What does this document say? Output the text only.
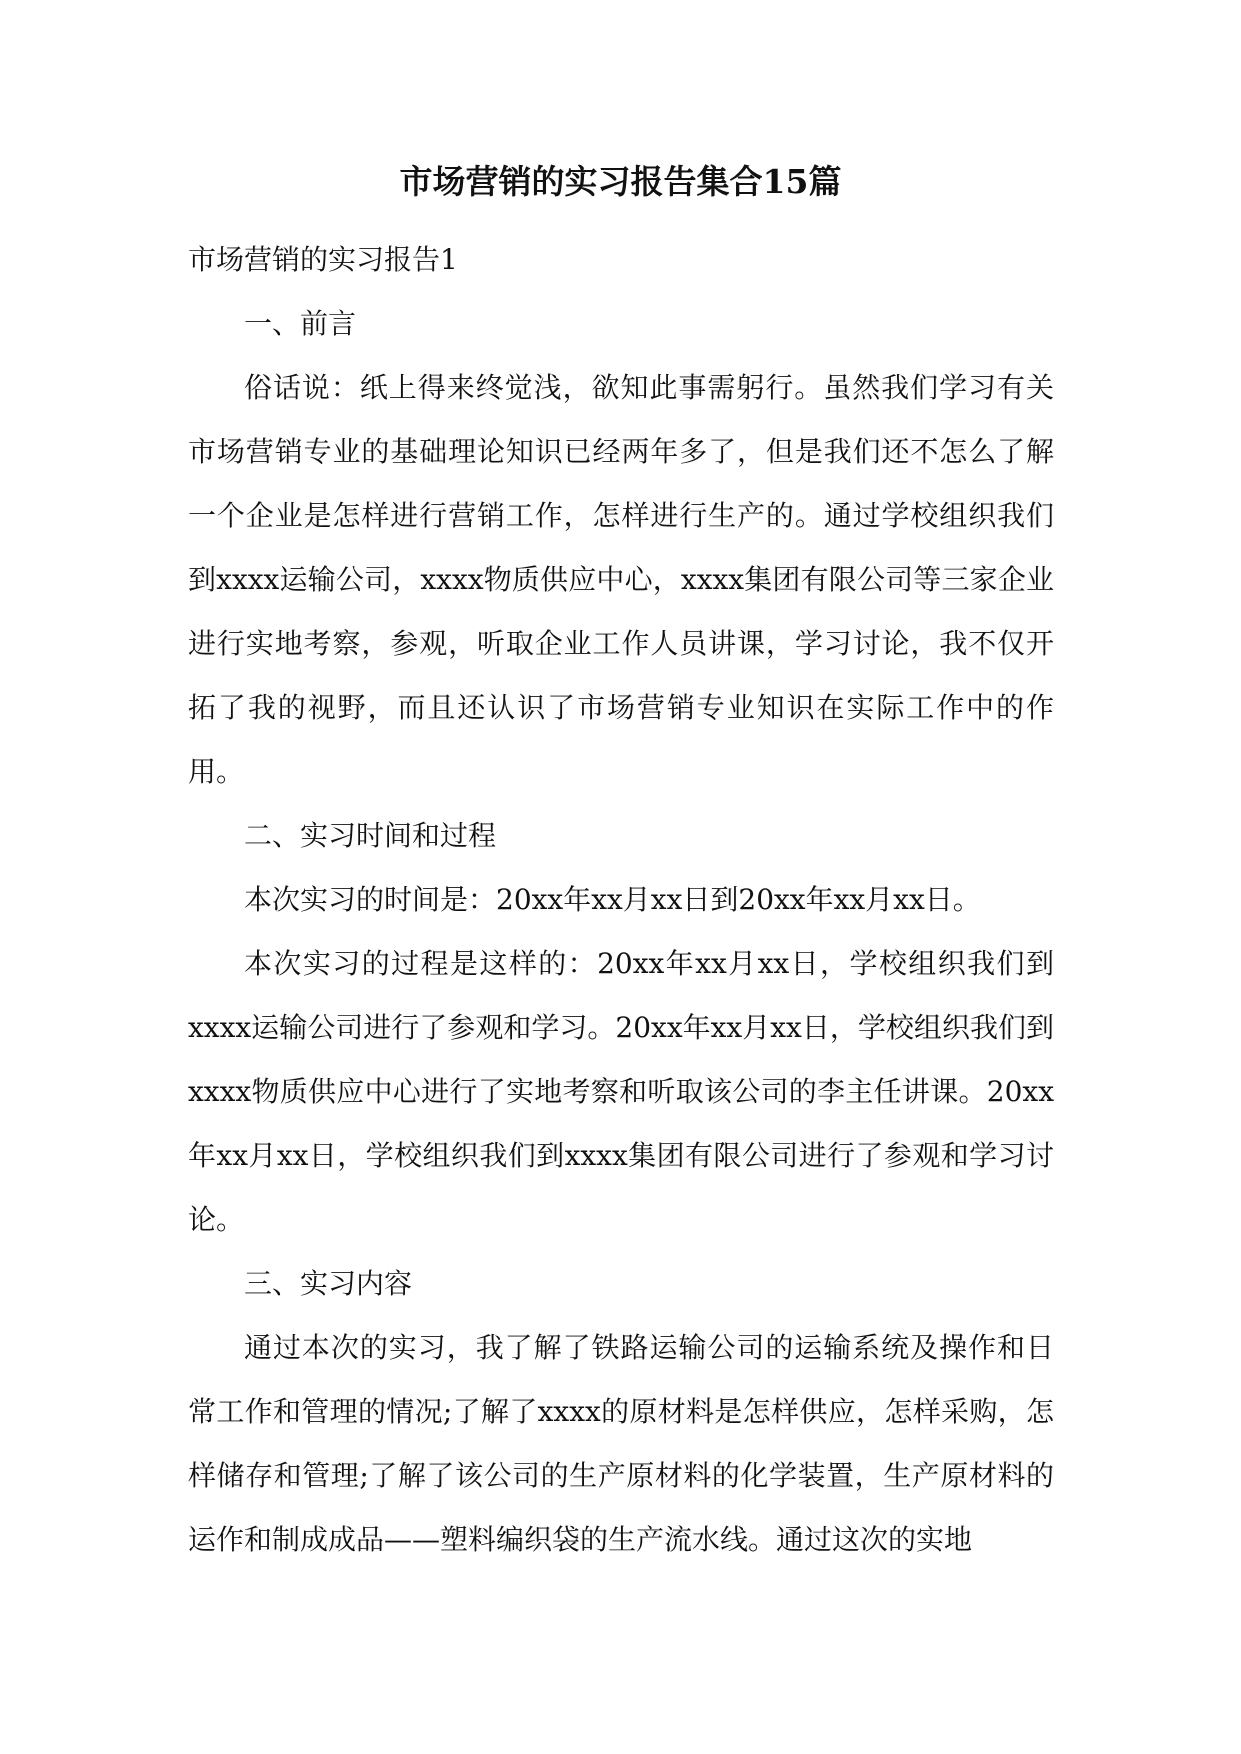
市场营销的实习报告集合15篇

市场营销的实习报告1

一、前言

俗话说：纸上得来终觉浅，欲知此事需躬行。虽然我们学习有关市场营销专业的基础理论知识已经两年多了，但是我们还不怎么了解一个企业是怎样进行营销工作，怎样进行生产的。通过学校组织我们到xxxx运输公司，xxxx物质供应中心，xxxx集团有限公司等三家企业进行实地考察，参观，听取企业工作人员讲课，学习讨论，我不仅开拓了我的视野，而且还认识了市场营销专业知识在实际工作中的作用。

二、实习时间和过程

本次实习的时间是：20xx年xx月xx日到20xx年xx月xx日。

本次实习的过程是这样的：20xx年xx月xx日，学校组织我们到xxxx运输公司进行了参观和学习。20xx年xx月xx日，学校组织我们到xxxx物质供应中心进行了实地考察和听取该公司的李主任讲课。20xx年xx月xx日，学校组织我们到xxxx集团有限公司进行了参观和学习讨论。

三、实习内容

通过本次的实习，我了解了铁路运输公司的运输系统及操作和日常工作和管理的情况;了解了xxxx的原材料是怎样供应，怎样采购，怎样储存和管理;了解了该公司的生产原材料的化学装置，生产原材料的运作和制成成品——塑料编织袋的生产流水线。通过这次的实地
